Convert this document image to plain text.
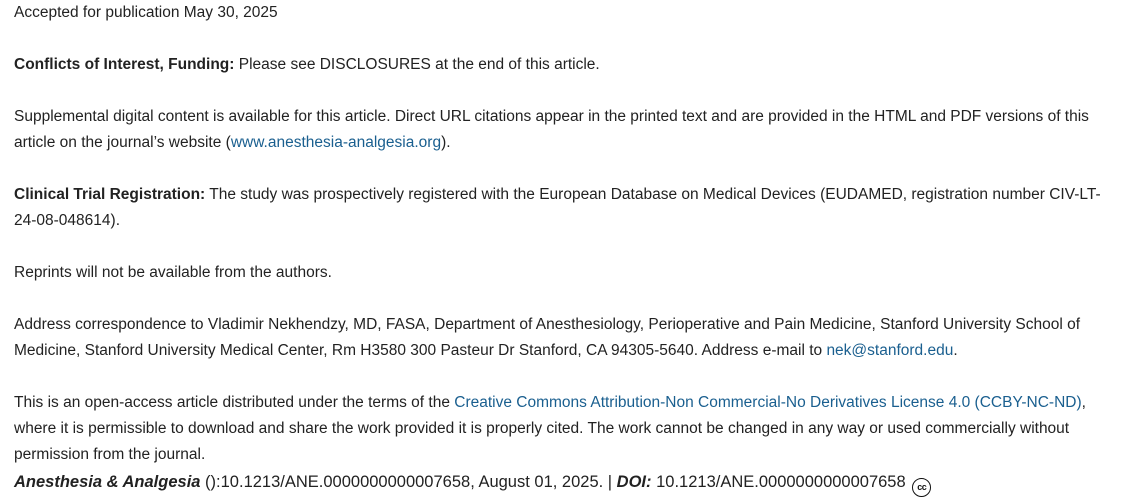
Accepted for publication May 30, 2025

Conflicts of Interest, Funding: Please see DISCLOSURES at the end of this article.

Supplemental digital content is available for this article. Direct URL citations appear in the printed text and are provided in the HTML and PDF versions of this article on the journal’s website (www.anesthesia-analgesia.org).

Clinical Trial Registration: The study was prospectively registered with the European Database on Medical Devices (EUDAMED, registration number CIV-LT-24-08-048614).

Reprints will not be available from the authors.

Address correspondence to Vladimir Nekhendzy, MD, FASA, Department of Anesthesiology, Perioperative and Pain Medicine, Stanford University School of Medicine, Stanford University Medical Center, Rm H3580 300 Pasteur Dr Stanford, CA 94305-5640. Address e-mail to nek@stanford.edu.

This is an open-access article distributed under the terms of the Creative Commons Attribution-Non Commercial-No Derivatives License 4.0 (CCBY-NC-ND), where it is permissible to download and share the work provided it is properly cited. The work cannot be changed in any way or used commercially without permission from the journal.

Anesthesia & Analgesia ():10.1213/ANE.0000000000007658, August 01, 2025. | DOI: 10.1213/ANE.0000000000007658 cc
